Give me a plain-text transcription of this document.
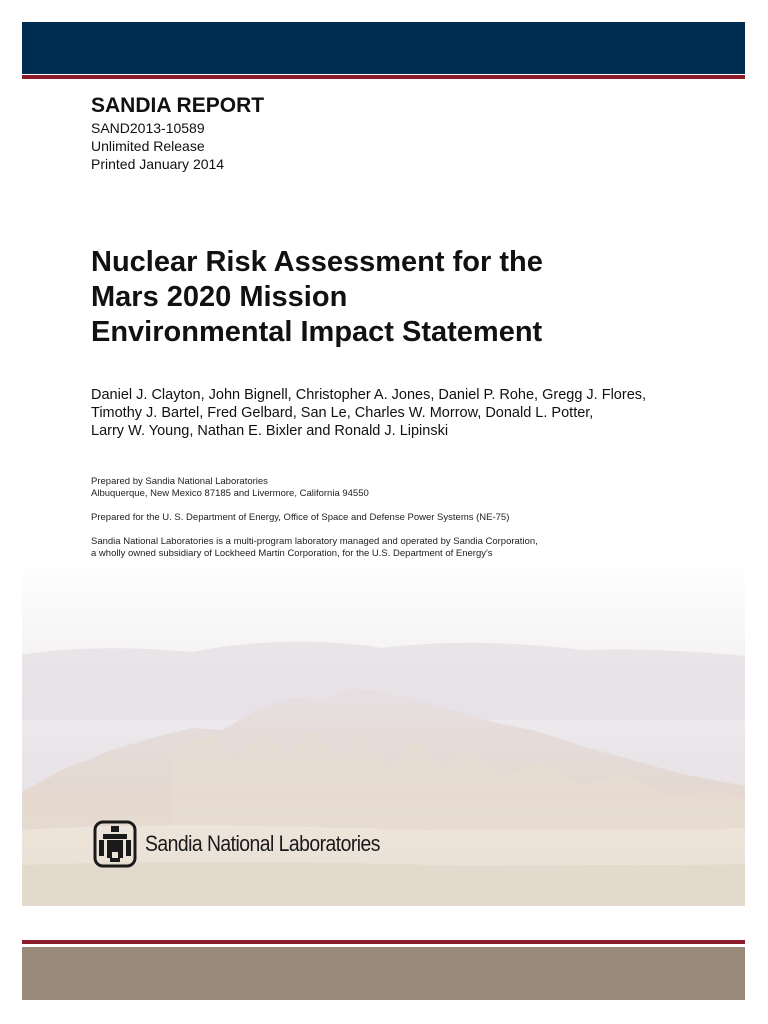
SANDIA REPORT
SAND2013-10589
Unlimited Release
Printed January 2014
Nuclear Risk Assessment for the
Mars 2020 Mission
Environmental Impact Statement
Daniel J. Clayton, John Bignell, Christopher A. Jones, Daniel P. Rohe, Gregg J. Flores,
Timothy J. Bartel, Fred Gelbard, San Le, Charles W. Morrow, Donald L. Potter,
Larry W. Young, Nathan E. Bixler and Ronald J. Lipinski
Prepared by Sandia National Laboratories
Albuquerque, New Mexico 87185 and Livermore, California 94550
Prepared for the U. S. Department of Energy, Office of Space and Defense Power Systems (NE-75)
Sandia National Laboratories is a multi-program laboratory managed and operated by Sandia Corporation,
a wholly owned subsidiary of Lockheed Martin Corporation, for the U.S. Department of Energy's
Sandia National Laboratories
